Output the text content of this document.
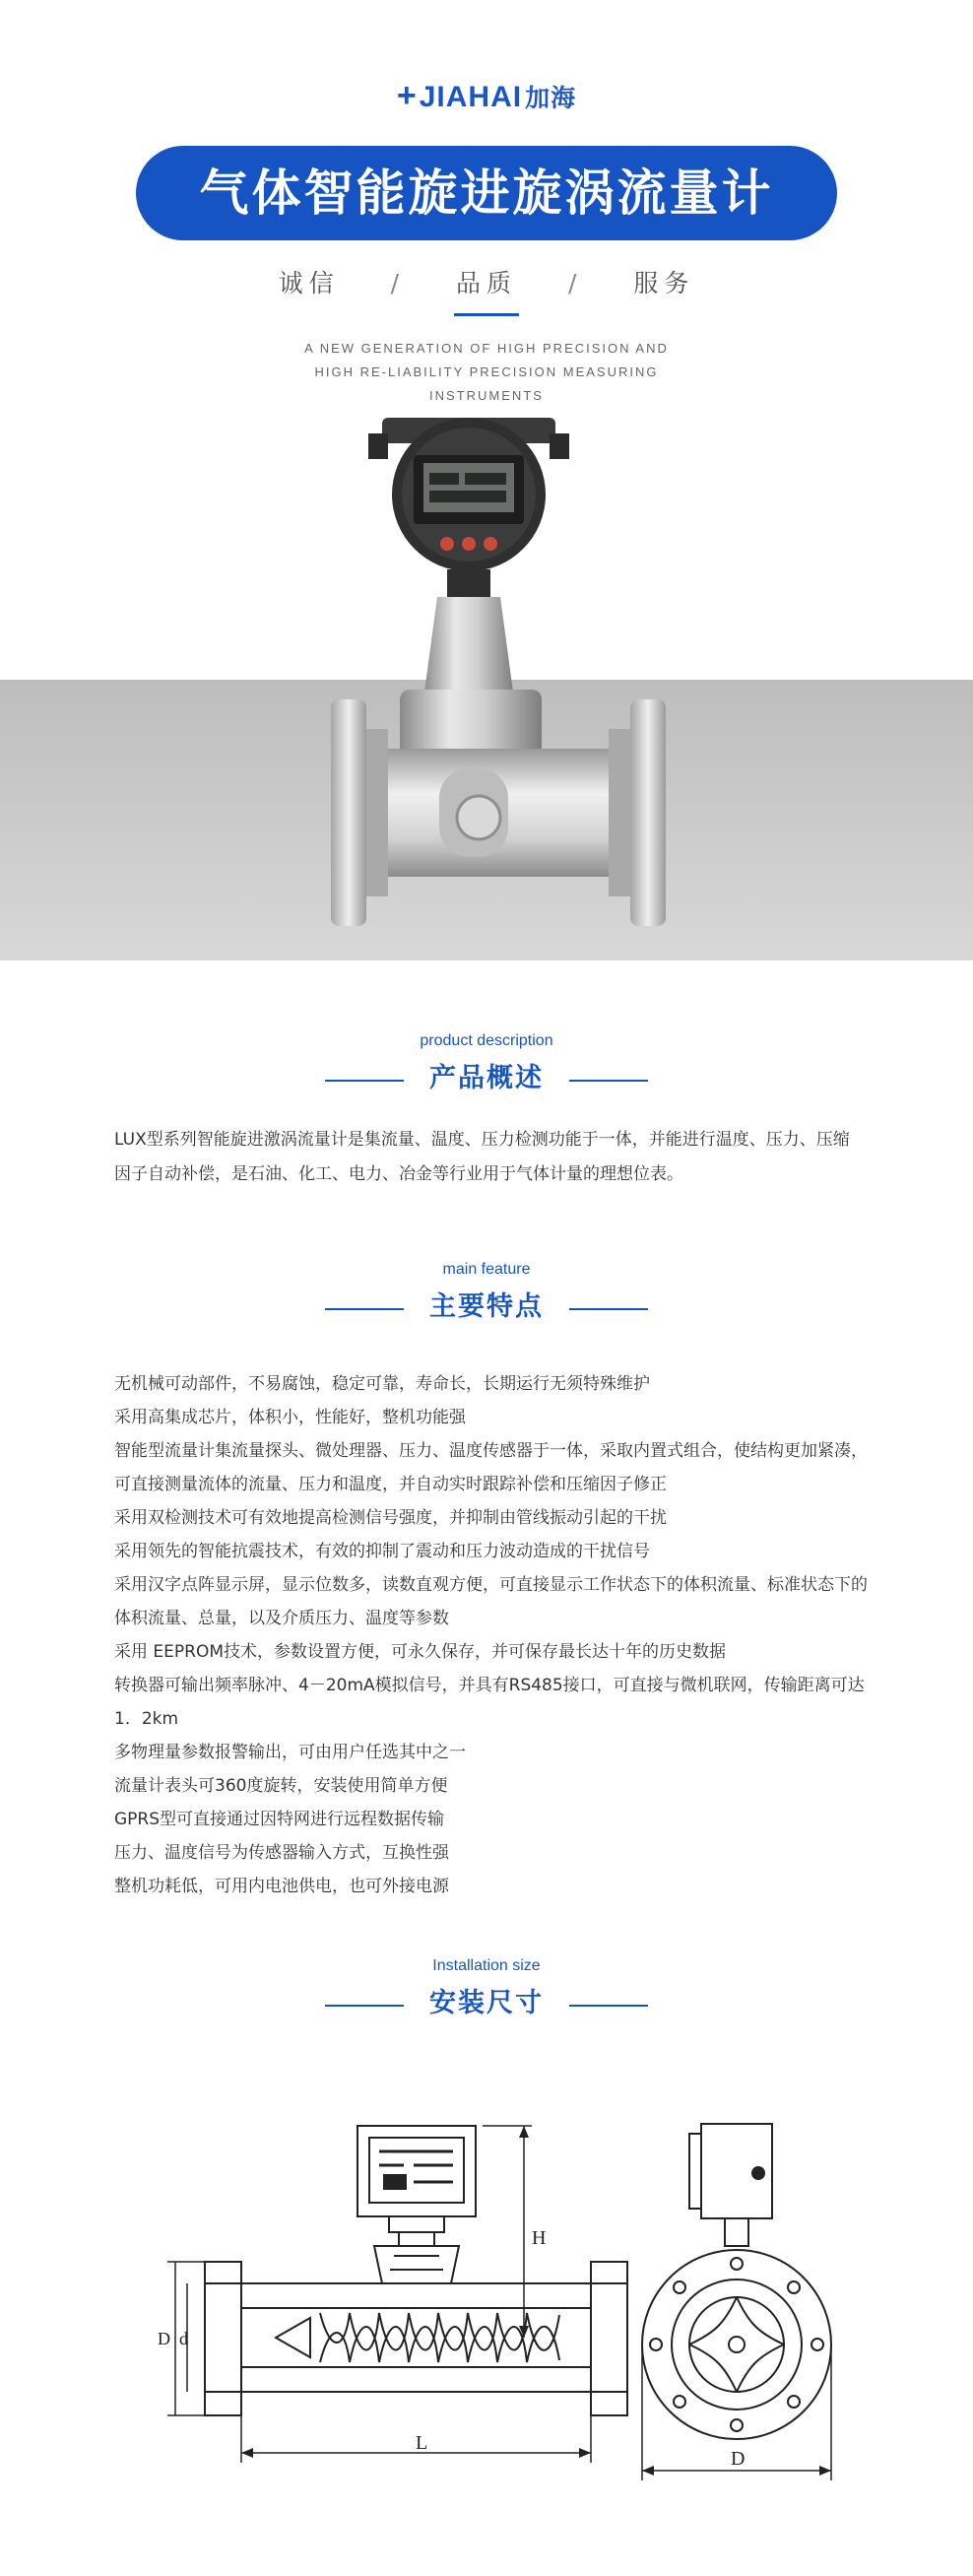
+JIAHAI 加海
气体智能旋进旋涡流量计
诚信 / 品质 / 服务
A NEW GENERATION OF HIGH PRECISION AND HIGH RE-LIABILITY PRECISION MEASURING INSTRUMENTS
product description
产品概述

LUX型系列智能旋进激涡流量计是集流量、温度、压力检测功能于一体，并能进行温度、压力、压缩因子自动补偿，是石油、化工、电力、冶金等行业用于气体计量的理想位表。

main feature
主要特点
无机械可动部件，不易腐蚀，稳定可靠，寿命长，长期运行无须特殊维护
采用高集成芯片，体积小，性能好，整机功能强
智能型流量计集流量探头、微处理器、压力、温度传感器于一体，采取内置式组合，使结构更加紧凑，可直接测量流体的流量、压力和温度，并自动实时跟踪补偿和压缩因子修正
采用双检测技术可有效地提高检测信号强度，并抑制由管线振动引起的干扰
采用领先的智能抗震技术，有效的抑制了震动和压力波动造成的干扰信号
采用汉字点阵显示屏，显示位数多，读数直观方便，可直接显示工作状态下的体积流量、标准状态下的体积流量、总量，以及介质压力、温度等参数
采用 EEPROM技术，参数设置方便，可永久保存，并可保存最长达十年的历史数据
转换器可输出频率脉冲、4－20mA模拟信号，并具有RS485接口，可直接与微机联网，传输距离可达1．2km
多物理量参数报警输出，可由用户任选其中之一
流量计表头可360度旋转，安装使用简单方便
GPRS型可直接通过因特网进行远程数据传输
压力、温度信号为传感器输入方式，互换性强
整机功耗低，可用内电池供电，也可外接电源
Installation size
安装尺寸
L
H
D d
D
